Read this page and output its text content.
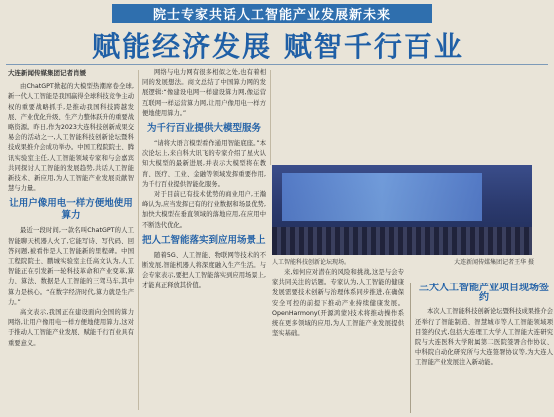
院士专家共话人工智能产业发展新未来
赋能经济发展 赋智千行百业

大连新闻传媒集团记者肖媛

由ChatGPT掀起的大模型热潮席卷全球,新一代人工智能是我国赢得全球科技竞争主动权的重要战略抓手,是推动我国科技跨越发展、产业优化升级、生产力整体跃升的重要战略资源。昨日,作为2023大连科技创新成果交易会的活动之一,人工智能科技创新论坛暨科技成果推介会成功举办。中国工程院院士、腾讯实验室主任,人工智能领域专家和与会嘉宾共同探讨人工智能的发展趋势,共话人工智能新技术、新应用,为人工智能产业发展贡献智慧与力量。

让用户像用电一样方便地使用算力

最近一段时间,一款名叫ChatGPT的人工智能聊天机器人火了,它能写诗、写代码、回答问题,被看作是人工智能新的里程碑。中国工程院院士、鹏城实验室主任高文认为,人工智能正在引发新一轮科技革命和产业变革,算力、算法、数据是人工智能的三驾马车,其中算力是核心。“在数字经济时代,算力就是生产力。”

高文表示,我国正在建设面向全国的算力网络,让用户像用电一样方便地使用算力,这对于推动人工智能产业发展、赋能千行百业具有重要意义。

网络与电力网有很多相似之处,也有着相同的发展想法。商文总结了中国算力网的发展逻辑:“像建设电网一样建设算力网,像运营互联网一样运营算力网,让用户像用电一样方便地使用算力。”

为千行百业提供大模型服务

“请将大语言模型看作通用智能底座。”本次论坛上,来自科大讯飞的专家介绍了星火认知大模型的最新进展,并表示大模型将在教育、医疗、工业、金融等领域发挥重要作用,为千行百业提供智能化服务。

对于目前已有技术优势的商业用户,王瀚峰认为,应当发挥已有的行业数据和场景优势,加快大模型在垂直领域的落地应用,在应用中不断迭代优化。

把人工智能落实到应用场景上

随着5G、人工智能、物联网等技术的不断发展,智能机器人将深度融入生产生活。与会专家表示,要把人工智能落实到应用场景上,才能真正释放其价值。

人工智能科技创新论坛现场。	大连新闻传媒集团记者王华 摄

来,如何应对潜在的风险和挑战,这是与会专家共同关注的话题。专家认为,人工智能的健康发展需要技术创新与治理体系同步推进,在确保安全可控的前提下推动产业持续健康发展。OpenHarmony(开源鸿蒙)技术将推动操作系统在更多领域的应用,为人工智能产业发展提供坚实基础。

三大人工智能产业项目现场签约

本次人工智能科技创新论坛暨科技成果推介会还举行了智能制造、智慧城市等人工智能领域项目签约仪式,包括大连理工大学人工智能大连研究院与大连医科大学附属第二医院签署合作协议、中科院自动化研究所与大连签署协议等,为大连人工智能产业发展注入新动能。
